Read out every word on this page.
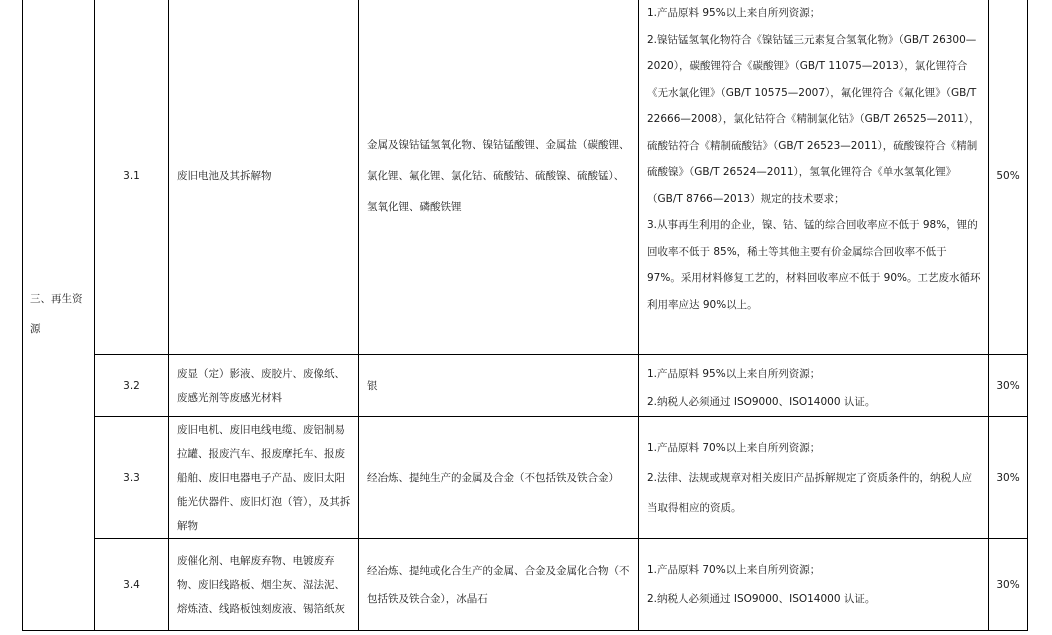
三、再生资源
3.1	废旧电池及其拆解物
金属及镍钴锰氢氧化物、镍钴锰酸锂、金属盐（碳酸锂、氯化锂、氟化锂、氯化钴、硫酸钴、硫酸镍、硫酸锰）、氢氧化锂、磷酸铁锂
1.产品原料 95%以上来自所列资源；
2.镍钴锰氢氧化物符合《镍钴锰三元素复合氢氧化物》（GB/T 26300—2020），碳酸锂符合《碳酸锂》（GB/T 11075—2013），氯化锂符合《无水氯化锂》（GB/T 10575—2007），氟化锂符合《氟化锂》（GB/T 22666—2008），氯化钴符合《精制氯化钴》（GB/T 26525—2011），硫酸钴符合《精制硫酸钴》（GB/T 26523—2011），硫酸镍符合《精制硫酸镍》（GB/T 26524—2011），氢氧化锂符合《单水氢氧化锂》（GB/T 8766—2013）规定的技术要求；
3.从事再生利用的企业，镍、钴、锰的综合回收率应不低于 98%，锂的回收率不低于 85%，稀土等其他主要有价金属综合回收率不低于 97%。采用材料修复工艺的，材料回收率应不低于 90%。工艺废水循环利用率应达 90%以上。
50%
3.2
废显（定）影液、废胶片、废像纸、废感光剂等废感光材料
银
1.产品原料 95%以上来自所列资源；
2.纳税人必须通过 ISO9000、ISO14000 认证。
30%
3.3
废旧电机、废旧电线电缆、废铝制易拉罐、报废汽车、报废摩托车、报废船舶、废旧电器电子产品、废旧太阳能光伏器件、废旧灯泡（管），及其拆解物
经冶炼、提纯生产的金属及合金（不包括铁及铁合金）
1.产品原料 70%以上来自所列资源；
2.法律、法规或规章对相关废旧产品拆解规定了资质条件的，纳税人应当取得相应的资质。
30%
3.4
废催化剂、电解废弃物、电镀废弃物、废旧线路板、烟尘灰、湿法泥、熔炼渣、线路板蚀刻废液、锡箔纸灰
经冶炼、提纯或化合生产的金属、合金及金属化合物（不包括铁及铁合金），冰晶石
1.产品原料 70%以上来自所列资源；
2.纳税人必须通过 ISO9000、ISO14000 认证。
30%
